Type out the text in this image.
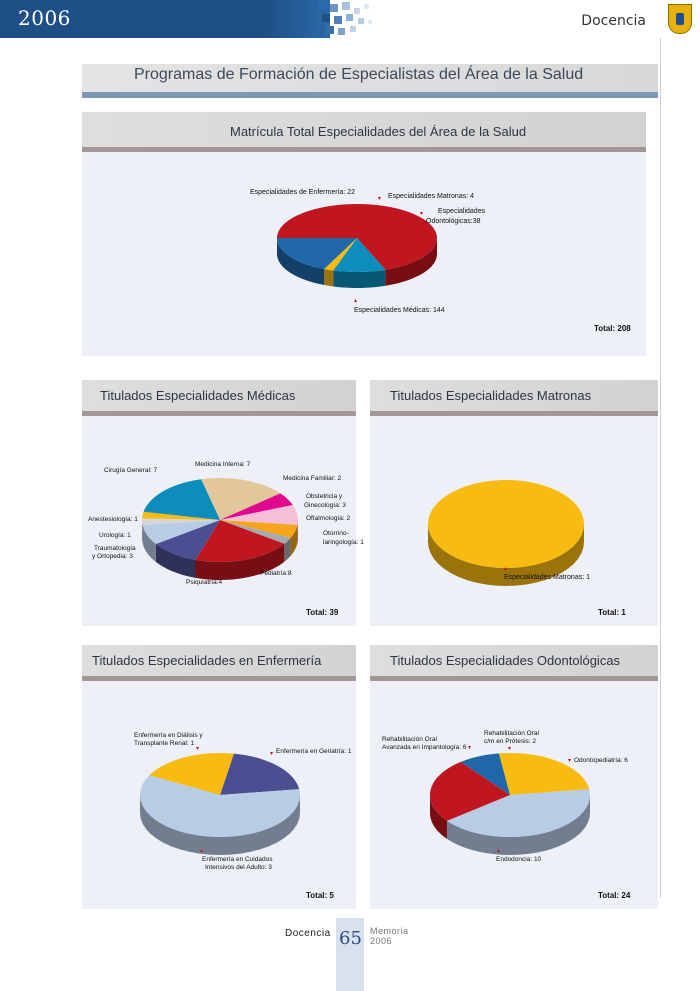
2006	Docencia
Programas de Formación de Especialistas del Área de la Salud
Matrícula Total Especialidades del Área de la Salud
Especialidades de Enfermería: 22
Especialidades Matronas: 4
Especialidades
Odontológicas:38
Especialidades Médicas: 144
Total: 208
Titulados Especialidades Médicas
Medicina Interna: 7
Cirugía General: 7
Medicina Familiar: 2
Obstetricia y
Ginecología: 3
Oftalmología: 2
Otorrino-
laringología: 1
Anestesiología: 1
Urología: 1
Traumatología
y Ortopedia: 3
Psiquiatría:4
Pediatría:8
Total: 39
Titulados Especialidades Matronas
Especialidades Matronas: 1
Total: 1
Titulados Especialidades en Enfermería
Enfermería en Diálisis y
Transplante Renal: 1
Enfermería en Geriatría: 1
Enfermería en Cuidados
Intensivos del Adulto: 3
Total: 5
Titulados Especialidades Odontológicas
Rehabilitación Oral
c/m en Prótesis: 2
Rehabilitación Oral
Avanzada en Impantología: 6
Odontopediatría: 6
Endodoncia: 10
Total: 24
Docencia 65 Memoria
2006
